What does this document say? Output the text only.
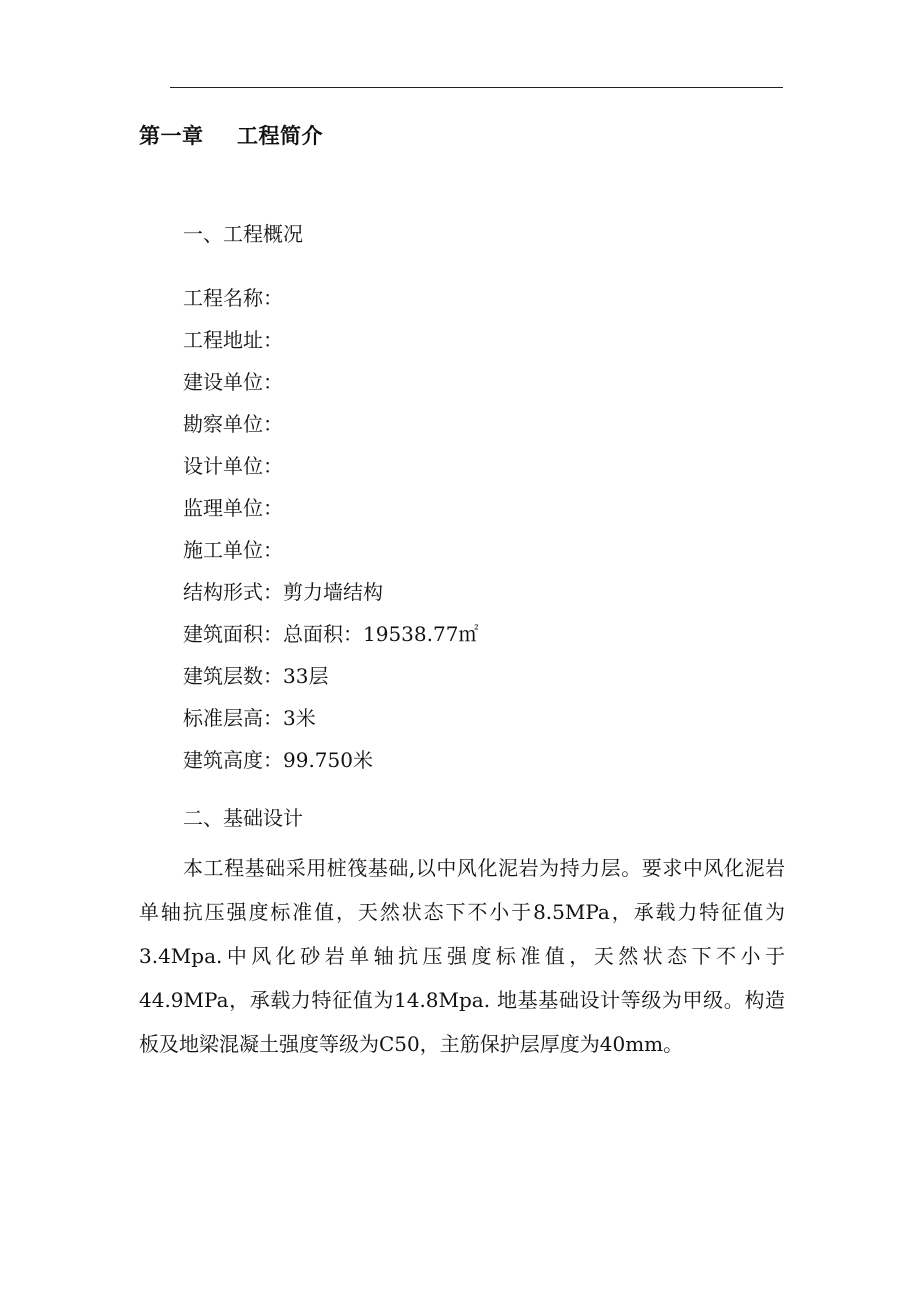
第一章 工程简介
一、工程概况
工程名称：
工程地址：
建设单位：
勘察单位：
设计单位：
监理单位：
施工单位：
结构形式：剪力墙结构
建筑面积：总面积：19538.77㎡
建筑层数：33层
标准层高：3米
建筑高度：99.750米
二、基础设计

本工程基础采用桩筏基础,以中风化泥岩为持力层。要求中风化泥岩单轴抗压强度标准值，天然状态下不小于8.5MPa，承载力特征值为3.4Mpa.中风化砂岩单轴抗压强度标准值，天然状态下不小于44.9MPa，承载力特征值为14.8Mpa. 地基基础设计等级为甲级。构造板及地梁混凝土强度等级为C50，主筋保护层厚度为40mm。
